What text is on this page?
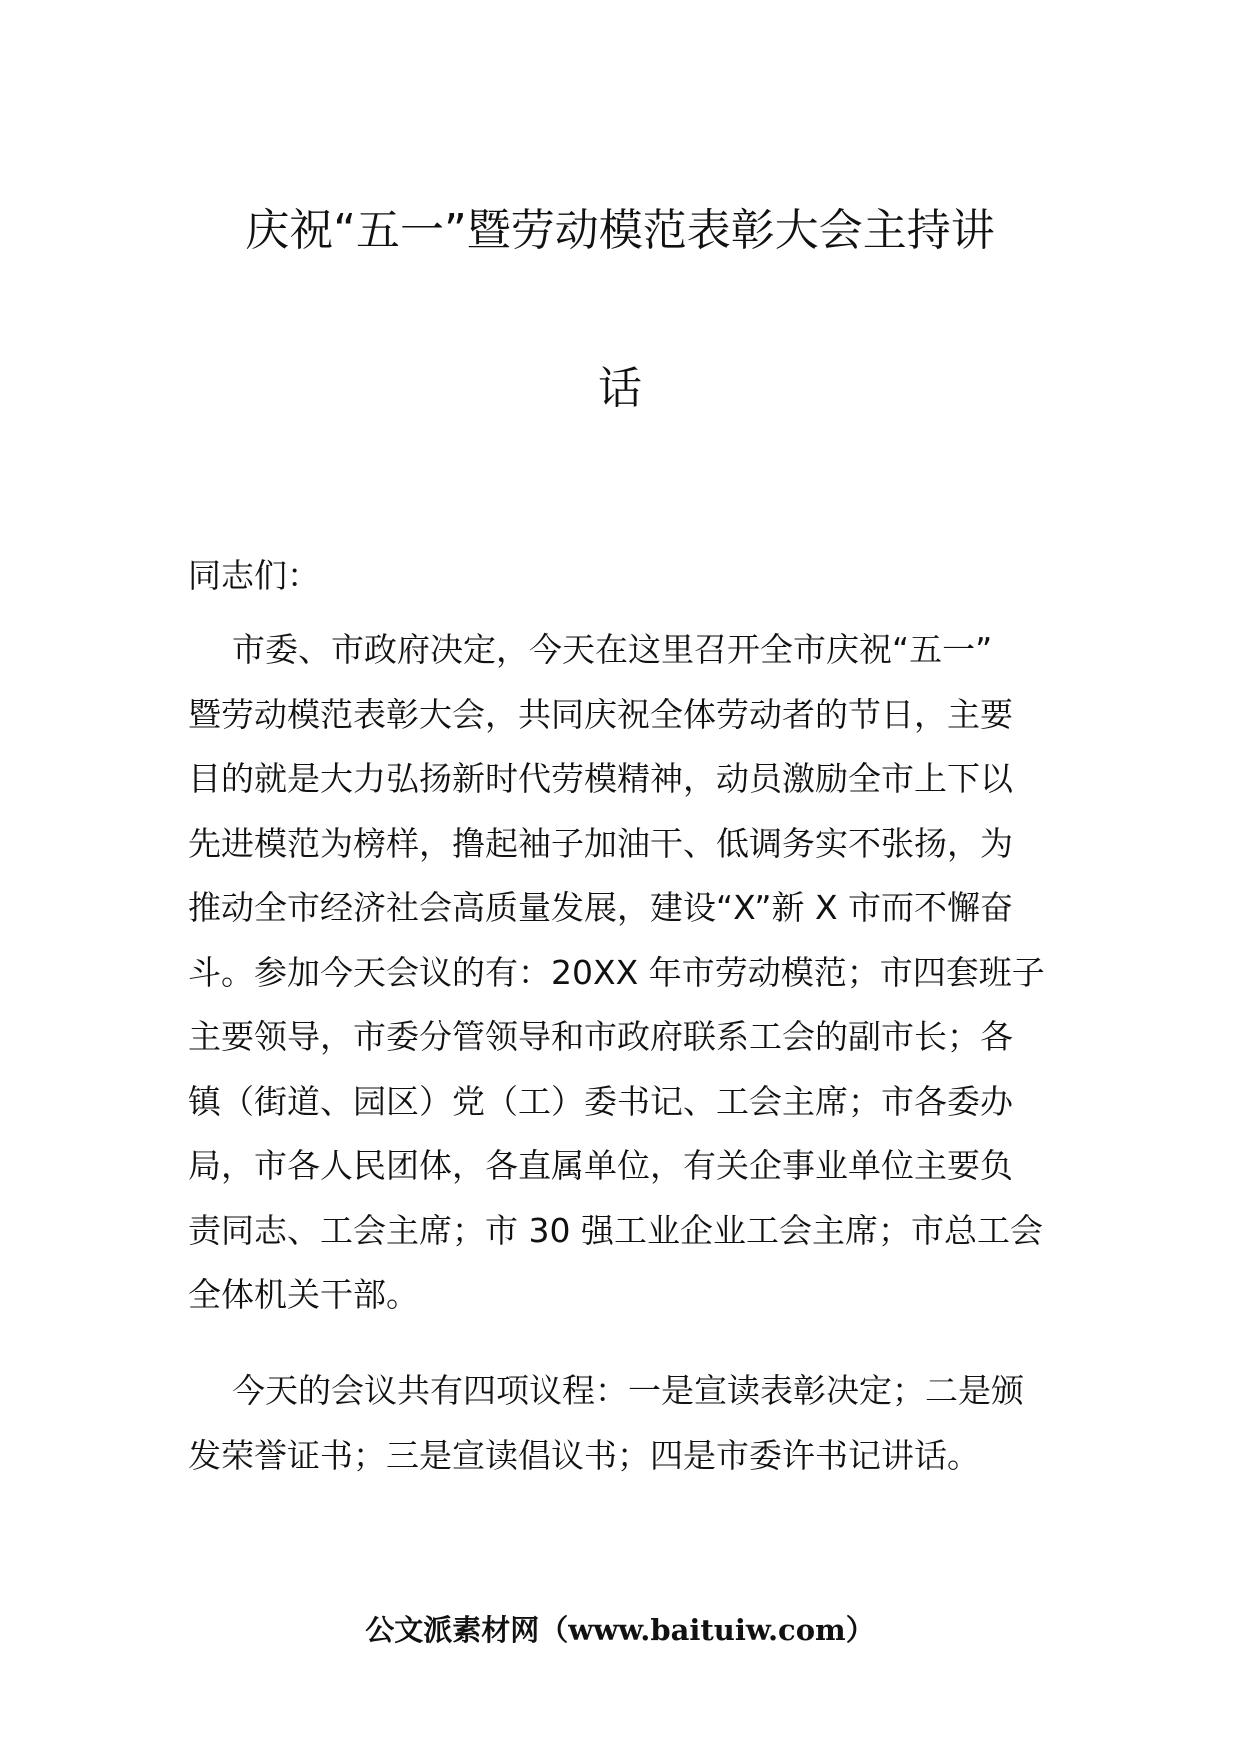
庆祝“五一”暨劳动模范表彰大会主持讲
话

同志们：

市委、市政府决定，今天在这里召开全市庆祝“五一”
暨劳动模范表彰大会，共同庆祝全体劳动者的节日，主要
目的就是大力弘扬新时代劳模精神，动员激励全市上下以
先进模范为榜样，撸起袖子加油干、低调务实不张扬，为
推动全市经济社会高质量发展，建设“X”新 X 市而不懈奋
斗。参加今天会议的有：20XX 年市劳动模范；市四套班子
主要领导，市委分管领导和市政府联系工会的副市长；各
镇（街道、园区）党（工）委书记、工会主席；市各委办
局，市各人民团体，各直属单位，有关企事业单位主要负
责同志、工会主席；市 30 强工业企业工会主席；市总工会
全体机关干部。
今天的会议共有四项议程：一是宣读表彰决定；二是颁
发荣誉证书；三是宣读倡议书；四是市委许书记讲话。

公文派素材网（www.baituiw.com）
